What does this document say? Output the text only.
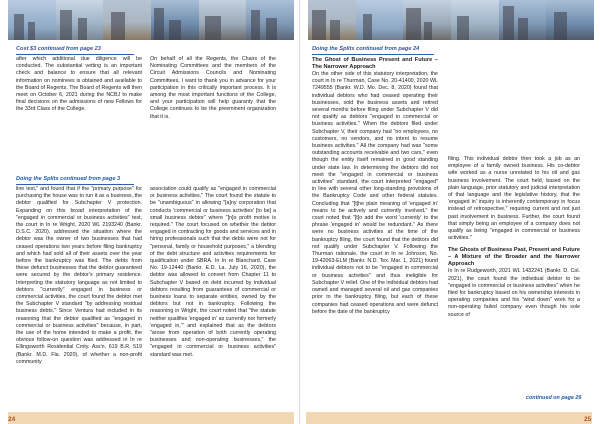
Cost $3 continued from page 23

after which additional due diligence will be conducted. The substantial vetting is an important check and balance to ensure that all relevant information on nominees is obtained and available to the Board of Regents. The Board of Regents will then meet on October 6, 2021 during the NCBJ to make final decisions on the admissions of new Fellows for the 33rd Class of the College.

On behalf of all the Regents, the Chairs of the Nominating Committees and the members of the Circuit Admissions Councils and Nominating Committees, I want to thank you in advance for your participation in this critically important process. It is among the most important functions of the College, and your participation will help guaranty that the College continues to be the preeminent organization that it is.

Doing the Splits continued from page 3

line test," and found that if the "primary purpose" for purchasing the house was to run it as a business, the debtor qualified for Subchapter V protection. Expanding on this broad interpretation of the "engaged in commercial or business activities" test, the court in In re Wright, 2020 WL 2193240 (Bankr. D.S.C. 2020), addressed the situation where the debtor was the owner of two businesses that had ceased operations two years before filing bankruptcy and which had sold all of their assets over the year before the bankruptcy was filed. The debts from these defunct businesses that the debtor guaranteed were secured by the debtor's primary residence. Interpreting the statutory language as not limited to debtors "currently" engaged in business or commercial activities, the court found the debtor met the Subchapter V standard "by addressing residual business debts." Since Ventura had included in its reasoning that the debtor qualified as "engaged in commercial or business activities" because, in part, the use of the home intended to make a profit, the obvious follow-on question was addressed in In re Ellingsworth Residential Cmty. Ass'n, 619 B.R. 519 (Bankr. M.D. Fla. 2020), of whether a non-profit community

association could qualify as "engaged in commercial or business activities." The court found the statute to be "unambiguous" in allowing "[a]ny corporation that conducts 'commercial or business activities' [to be] a small business debtor" where "[n]o profit motive is required." The court focused on whether the debtor engaged in contracting for goods and services and in hiring professionals such that the debts were not for "personal, family or household purposes," a blending of the debt structure and activities requirements for qualification under SBRA. In In re Blanchard, Case No. 19-12440 (Bankr. E.D. La. July 16, 2020), the debtor was allowed to convert from Chapter 11 to Subchapter V based on debt incurred by individual debtors resulting from guarantees of commercial or business loans to separate entities, owned by the debtors but not in bankruptcy. Following the reasoning in Wright, the court noted that "the statute neither qualifies 'engaged in' as currently nor formerly 'engaged in,'" and explained that as the debtors "arose from operation of both currently operating businesses and non-operating businesses," the "engaged in commercial or business activities" standard was met.

24
Doing the Splits continued from page 24

The Ghost of Business Present and Future – The Narrower Approach

On the other side of this statutory interpretation, the court in In re Thurman, Case No. 20-41400, 2020 WL 7249555 (Bankr. W.D. Mo. Dec. 8, 2020) found that individual debtors who had ceased operating their businesses, sold the business assets and retired several months before filing under Subchapter V did not qualify as debtors "engaged in commercial or business activities." When the debtors filed under Subchapter V, their company had "no employees, no customers, no vendors, and no intent to resume business activities." All the company had was "some outstanding accounts receivable and two cars," even though the entity itself remained in good standing under state law. In determining the debtors did not meet the "engaged in commercial or business activities" standard, the court interpreted "engaged" in line with several other long-standing provisions of the Bankruptcy Code and other federal statutes. Concluding that "[t]he plain meaning of 'engaged in' means to be actively and currently involved," the court noted that "[t]o add the word 'currently' to the phrase 'engaged in' would be redundant." As there were no business activities at the time of the bankruptcy filing, the court found that the debtors did not qualify under Subchapter V. Following the Thurman rationale, the court in In re Johnson, No. 19-42063-ELM (Bankr. N.D. Tex. Mar. 1, 2021) found individual debtors not to be "engaged in commercial or business activities" and thus ineligible for Subchapter V relief. One of the individual debtors had owned and managed several oil and gas companies prior to the bankruptcy filing, but each of these companies had ceased operations and were defunct before the date of the bankruptcy

filing. This individual debtor then took a job as an employee of a family owned business. His co-debtor wife worked as a nurse unrelated to his oil and gas business involvement. The court held, based on the plain language, prior statutory and judicial interpretation of that language and the legislative history, that the 'engaged in' inquiry is inherently contemporary in focus instead of retrospective," requiring current and not just past involvement in business. Further, the court found that simply being an employee of a company does not qualify as being "engaged in commercial or business activities."

The Ghosts of Business Past, Present and Future – A Mixture of the Broader and the Narrower Approach

In In re Rudgeworth, 2021 WL 1432241 (Bankr. D. Col. 2021), the court found the individual debtor to be "engaged in commercial or business activities" when he filed for bankruptcy based on his ownership interests in operating companies and his "wind down" work for a non-operating failed company even though his sole source of

continued on page 26
25
